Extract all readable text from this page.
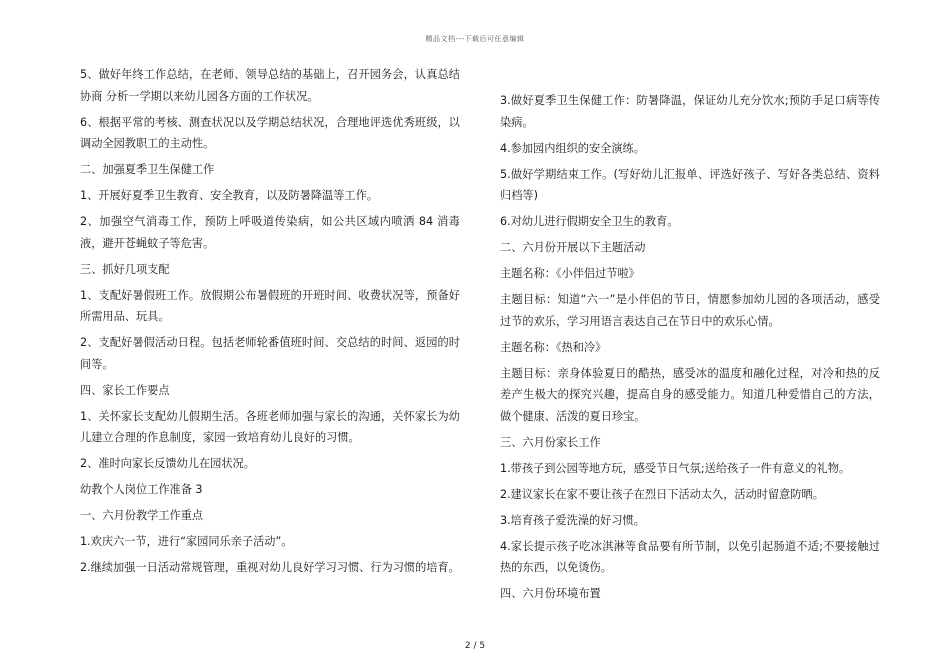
精品文档---下载后可任意编辑

5、做好年终工作总结，在老师、领导总结的基础上，召开园务会，认真总结协商 分析一学期以来幼儿园各方面的工作状况。

6、根据平常的考核、测查状况以及学期总结状况，合理地评选优秀班级，以调动全园教职工的主动性。

二、加强夏季卫生保健工作

1、开展好夏季卫生教育、安全教育，以及防暑降温等工作。

2、加强空气消毒工作，预防上呼吸道传染病，如公共区域内喷洒 84 消毒液，避开苍蝇蚊子等危害。

三、抓好几项支配

1、支配好暑假班工作。放假期公布暑假班的开班时间、收费状况等，预备好所需用品、玩具。

2、支配好暑假活动日程。包括老师轮番值班时间、交总结的时间、返园的时间等。

四、家长工作要点

1、关怀家长支配幼儿假期生活。各班老师加强与家长的沟通，关怀家长为幼儿建立合理的作息制度，家园一致培育幼儿良好的习惯。

2、准时向家长反馈幼儿在园状况。

幼教个人岗位工作准备 3

一、六月份教学工作重点

1.欢庆六一节，进行“家园同乐亲子活动”。

2.继续加强一日活动常规管理，重视对幼儿良好学习习惯、行为习惯的培育。

3.做好夏季卫生保健工作：防暑降温，保证幼儿充分饮水;预防手足口病等传染病。

4.参加园内组织的安全演练。

5.做好学期结束工作。(写好幼儿汇报单、评选好孩子、写好各类总结、资料归档等)

6.对幼儿进行假期安全卫生的教育。

二、六月份开展以下主题活动

主题名称：《小伴侣过节啦》

主题目标：知道“六一”是小伴侣的节日，情愿参加幼儿园的各项活动，感受过节的欢乐，学习用语言表达自己在节日中的欢乐心情。

主题名称：《热和冷》

主题目标：亲身体验夏日的酷热，感受冰的温度和融化过程，对冷和热的反差产生极大的探究兴趣，提高自身的感受能力。知道几种爱惜自己的方法，做个健康、活泼的夏日珍宝。

三、六月份家长工作

1.带孩子到公园等地方玩，感受节日气氛;送给孩子一件有意义的礼物。

2.建议家长在家不要让孩子在烈日下活动太久，活动时留意防晒。

3.培育孩子爱洗澡的好习惯。

4.家长提示孩子吃冰淇淋等食品要有所节制，以免引起肠道不适;不要接触过热的东西，以免烫伤。

四、六月份环境布置

2 / 5
